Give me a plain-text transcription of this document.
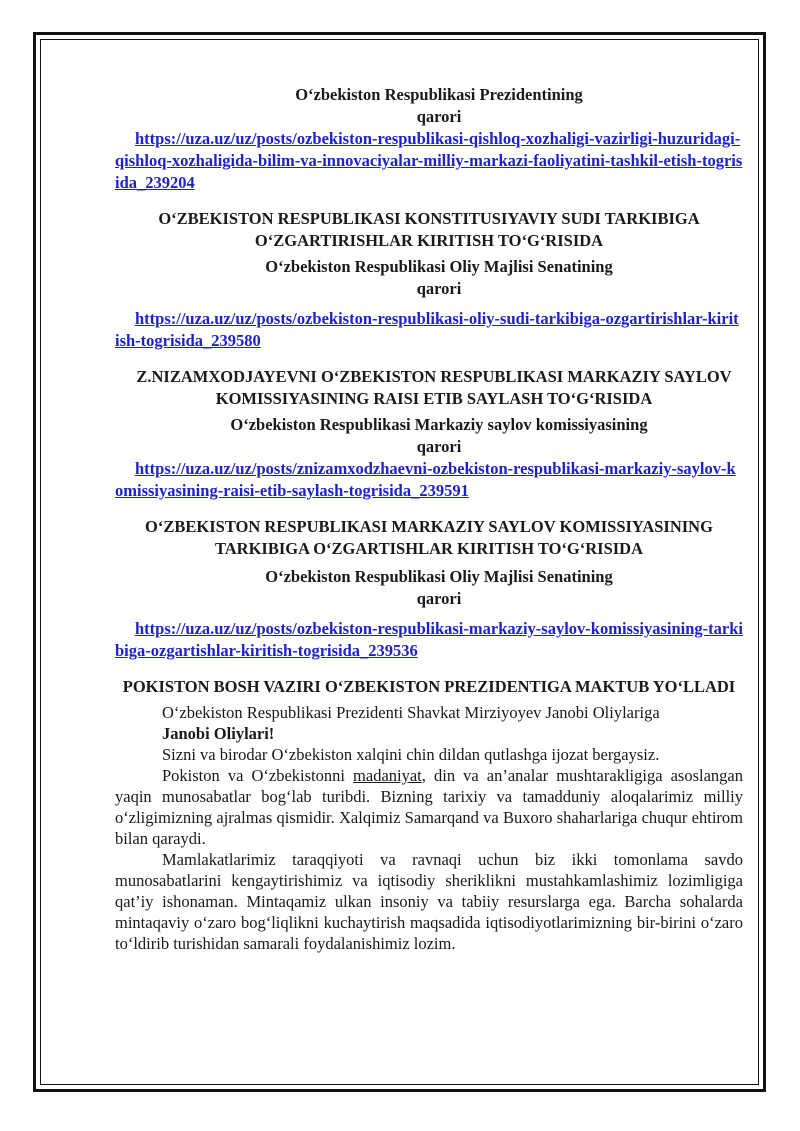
O‘zbekiston Respublikasi Prezidentining
qarori
https://uza.uz/uz/posts/ozbekiston-respublikasi-qishloq-xozhaligi-vazirligi-huzuridagi-qishloq-xozhaligida-bilim-va-innovaciyalar-milliy-markazi-faoliyatini-tashkil-etish-togrisida_239204

O‘ZBEKISTON RESPUBLIKASI KONSTITUSIYAVIY SUDI TARKIBIGA O‘ZGARTIRISHLAR KIRITISH TO‘G‘RISIDA

O‘zbekiston Respublikasi Oliy Majlisi Senatining
qarori
https://uza.uz/uz/posts/ozbekiston-respublikasi-oliy-sudi-tarkibiga-ozgartirishlar-kiritish-togrisida_239580

Z.NIZAMXODJAYEVNI O‘ZBEKISTON RESPUBLIKASI MARKAZIY SAYLOV KOMISSIYASINING RAISI ETIB SAYLASH TO‘G‘RISIDA

O‘zbekiston Respublikasi Markaziy saylov komissiyasining
qarori
https://uza.uz/uz/posts/znizamxodzhaevni-ozbekiston-respublikasi-markaziy-saylov-komissiyasining-raisi-etib-saylash-togrisida_239591

O‘ZBEKISTON RESPUBLIKASI MARKAZIY SAYLOV KOMISSIYASINING TARKIBIGA O‘ZGARTISHLAR KIRITISH TO‘G‘RISIDA

O‘zbekiston Respublikasi Oliy Majlisi Senatining
qarori
https://uza.uz/uz/posts/ozbekiston-respublikasi-markaziy-saylov-komissiyasining-tarkibiga-ozgartishlar-kiritish-togrisida_239536

POKISTON BOSH VAZIRI O‘ZBEKISTON PREZIDENTIGA MAKTUB YO‘LLADI

O‘zbekiston Respublikasi Prezidenti Shavkat Mirziyoyev Janobi Oliylariga

Janobi Oliylari!

Sizni va birodar O‘zbekiston xalqini chin dildan qutlashga ijozat bergaysiz.

Pokiston va O‘zbekistonni madaniyat, din va an’analar mushtarakligiga asoslangan yaqin munosabatlar bog‘lab turibdi. Bizning tarixiy va tamadduniy aloqalarimiz milliy o‘zligimizning ajralmas qismidir. Xalqimiz Samarqand va Buxoro shaharlariga chuqur ehtirom bilan qaraydi.

Mamlakatlarimiz taraqqiyoti va ravnaqi uchun biz ikki tomonlama savdo munosabatlarini kengaytirishimiz va iqtisodiy sheriklikni mustahkamlashimiz lozimligiga qat’iy ishonaman. Mintaqamiz ulkan insoniy va tabiiy resurslarga ega. Barcha sohalarda mintaqaviy o‘zaro bog‘liqlikni kuchaytirish maqsadida iqtisodiyotlarimizning bir-birini o‘zaro to‘ldirib turishidan samarali foydalanishimiz lozim.
